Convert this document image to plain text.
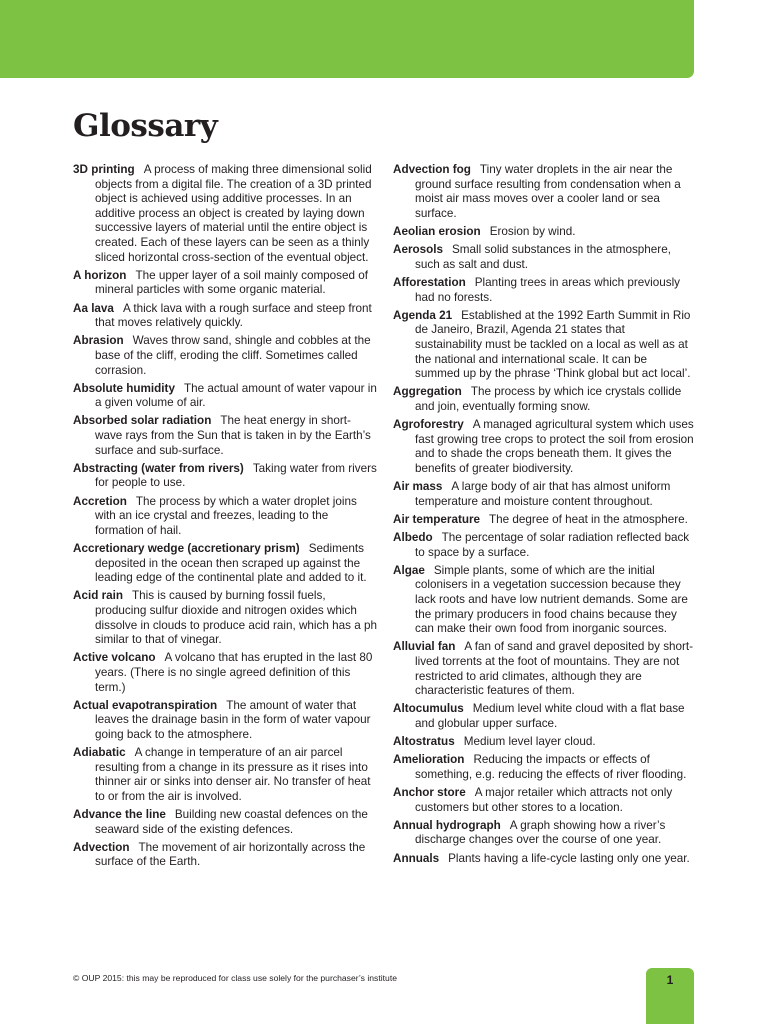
Glossary

3D printing A process of making three dimensional solid objects from a digital file. The creation of a 3D printed object is achieved using additive processes. In an additive process an object is created by laying down successive layers of material until the entire object is created. Each of these layers can be seen as a thinly sliced horizontal cross-section of the eventual object.

A horizon The upper layer of a soil mainly composed of mineral particles with some organic material.

Aa lava A thick lava with a rough surface and steep front that moves relatively quickly.

Abrasion Waves throw sand, shingle and cobbles at the base of the cliff, eroding the cliff. Sometimes called corrasion.

Absolute humidity The actual amount of water vapour in a given volume of air.

Absorbed solar radiation The heat energy in short-wave rays from the Sun that is taken in by the Earth’s surface and sub-surface.

Abstracting (water from rivers) Taking water from rivers for people to use.

Accretion The process by which a water droplet joins with an ice crystal and freezes, leading to the formation of hail.

Accretionary wedge (accretionary prism) Sediments deposited in the ocean then scraped up against the leading edge of the continental plate and added to it.

Acid rain This is caused by burning fossil fuels, producing sulfur dioxide and nitrogen oxides which dissolve in clouds to produce acid rain, which has a ph similar to that of vinegar.

Active volcano A volcano that has erupted in the last 80 years. (There is no single agreed definition of this term.)

Actual evapotranspiration The amount of water that leaves the drainage basin in the form of water vapour going back to the atmosphere.

Adiabatic A change in temperature of an air parcel resulting from a change in its pressure as it rises into thinner air or sinks into denser air. No transfer of heat to or from the air is involved.

Advance the line Building new coastal defences on the seaward side of the existing defences.

Advection The movement of air horizontally across the surface of the Earth.

Advection fog Tiny water droplets in the air near the ground surface resulting from condensation when a moist air mass moves over a cooler land or sea surface.

Aeolian erosion Erosion by wind.

Aerosols Small solid substances in the atmosphere, such as salt and dust.

Afforestation Planting trees in areas which previously had no forests.

Agenda 21 Established at the 1992 Earth Summit in Rio de Janeiro, Brazil, Agenda 21 states that sustainability must be tackled on a local as well as at the national and international scale. It can be summed up by the phrase ‘Think global but act local’.

Aggregation The process by which ice crystals collide and join, eventually forming snow.

Agroforestry A managed agricultural system which uses fast growing tree crops to protect the soil from erosion and to shade the crops beneath them. It gives the benefits of greater biodiversity.

Air mass A large body of air that has almost uniform temperature and moisture content throughout.

Air temperature The degree of heat in the atmosphere.

Albedo The percentage of solar radiation reflected back to space by a surface.

Algae Simple plants, some of which are the initial colonisers in a vegetation succession because they lack roots and have low nutrient demands. Some are the primary producers in food chains because they can make their own food from inorganic sources.

Alluvial fan A fan of sand and gravel deposited by short-lived torrents at the foot of mountains. They are not restricted to arid climates, although they are characteristic features of them.

Altocumulus Medium level white cloud with a flat base and globular upper surface.

Altostratus Medium level layer cloud.

Amelioration Reducing the impacts or effects of something, e.g. reducing the effects of river flooding.

Anchor store A major retailer which attracts not only customers but other stores to a location.

Annual hydrograph A graph showing how a river’s discharge changes over the course of one year.

Annuals Plants having a life-cycle lasting only one year.

© OUP 2015: this may be reproduced for class use solely for the purchaser’s institute	1
